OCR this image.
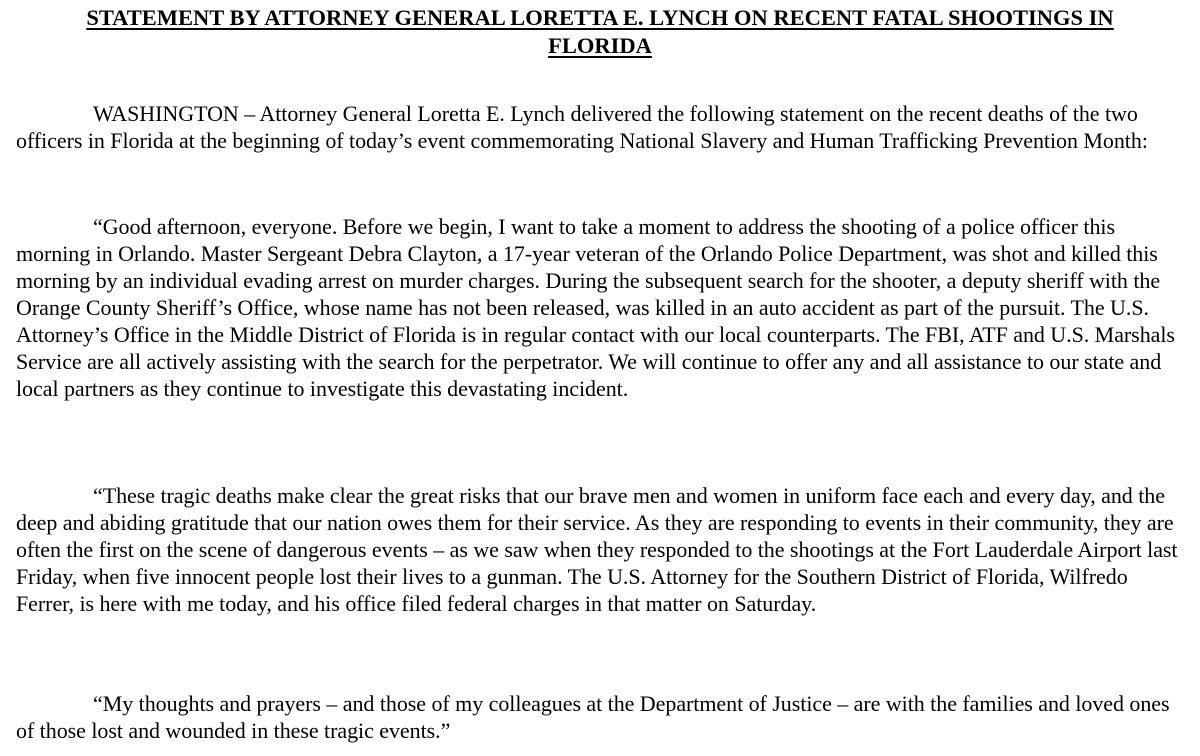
STATEMENT BY ATTORNEY GENERAL LORETTA E. LYNCH ON RECENT FATAL SHOOTINGS IN FLORIDA

WASHINGTON – Attorney General Loretta E. Lynch delivered the following statement on the recent deaths of the two officers in Florida at the beginning of today’s event commemorating National Slavery and Human Trafficking Prevention Month:

“Good afternoon, everyone. Before we begin, I want to take a moment to address the shooting of a police officer this morning in Orlando. Master Sergeant Debra Clayton, a 17-year veteran of the Orlando Police Department, was shot and killed this morning by an individual evading arrest on murder charges. During the subsequent search for the shooter, a deputy sheriff with the Orange County Sheriff’s Office, whose name has not been released, was killed in an auto accident as part of the pursuit. The U.S. Attorney’s Office in the Middle District of Florida is in regular contact with our local counterparts. The FBI, ATF and U.S. Marshals Service are all actively assisting with the search for the perpetrator. We will continue to offer any and all assistance to our state and local partners as they continue to investigate this devastating incident.

“These tragic deaths make clear the great risks that our brave men and women in uniform face each and every day, and the deep and abiding gratitude that our nation owes them for their service. As they are responding to events in their community, they are often the first on the scene of dangerous events – as we saw when they responded to the shootings at the Fort Lauderdale Airport last Friday, when five innocent people lost their lives to a gunman. The U.S. Attorney for the Southern District of Florida, Wilfredo Ferrer, is here with me today, and his office filed federal charges in that matter on Saturday.

“My thoughts and prayers – and those of my colleagues at the Department of Justice – are with the families and loved ones of those lost and wounded in these tragic events.”
